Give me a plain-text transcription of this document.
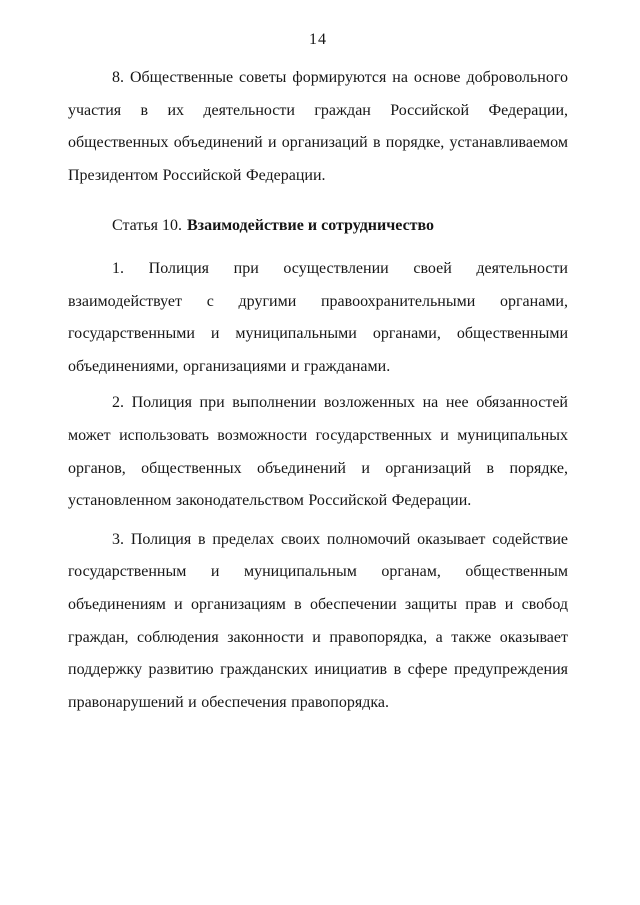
14

8. Общественные советы формируются на основе добровольного участия в их деятельности граждан Российской Федерации, общественных объединений и организаций в порядке, устанавливаемом Президентом Российской Федерации.

Статья 10. Взаимодействие и сотрудничество

1. Полиция при осуществлении своей деятельности взаимодействует с другими правоохранительными органами, государственными и муниципальными органами, общественными объединениями, организациями и гражданами.

2. Полиция при выполнении возложенных на нее обязанностей может использовать возможности государственных и муниципальных органов, общественных объединений и организаций в порядке, установленном законодательством Российской Федерации.

3. Полиция в пределах своих полномочий оказывает содействие государственным и муниципальным органам, общественным объединениям и организациям в обеспечении защиты прав и свобод граждан, соблюдения законности и правопорядка, а также оказывает поддержку развитию гражданских инициатив в сфере предупреждения правонарушений и обеспечения правопорядка.
